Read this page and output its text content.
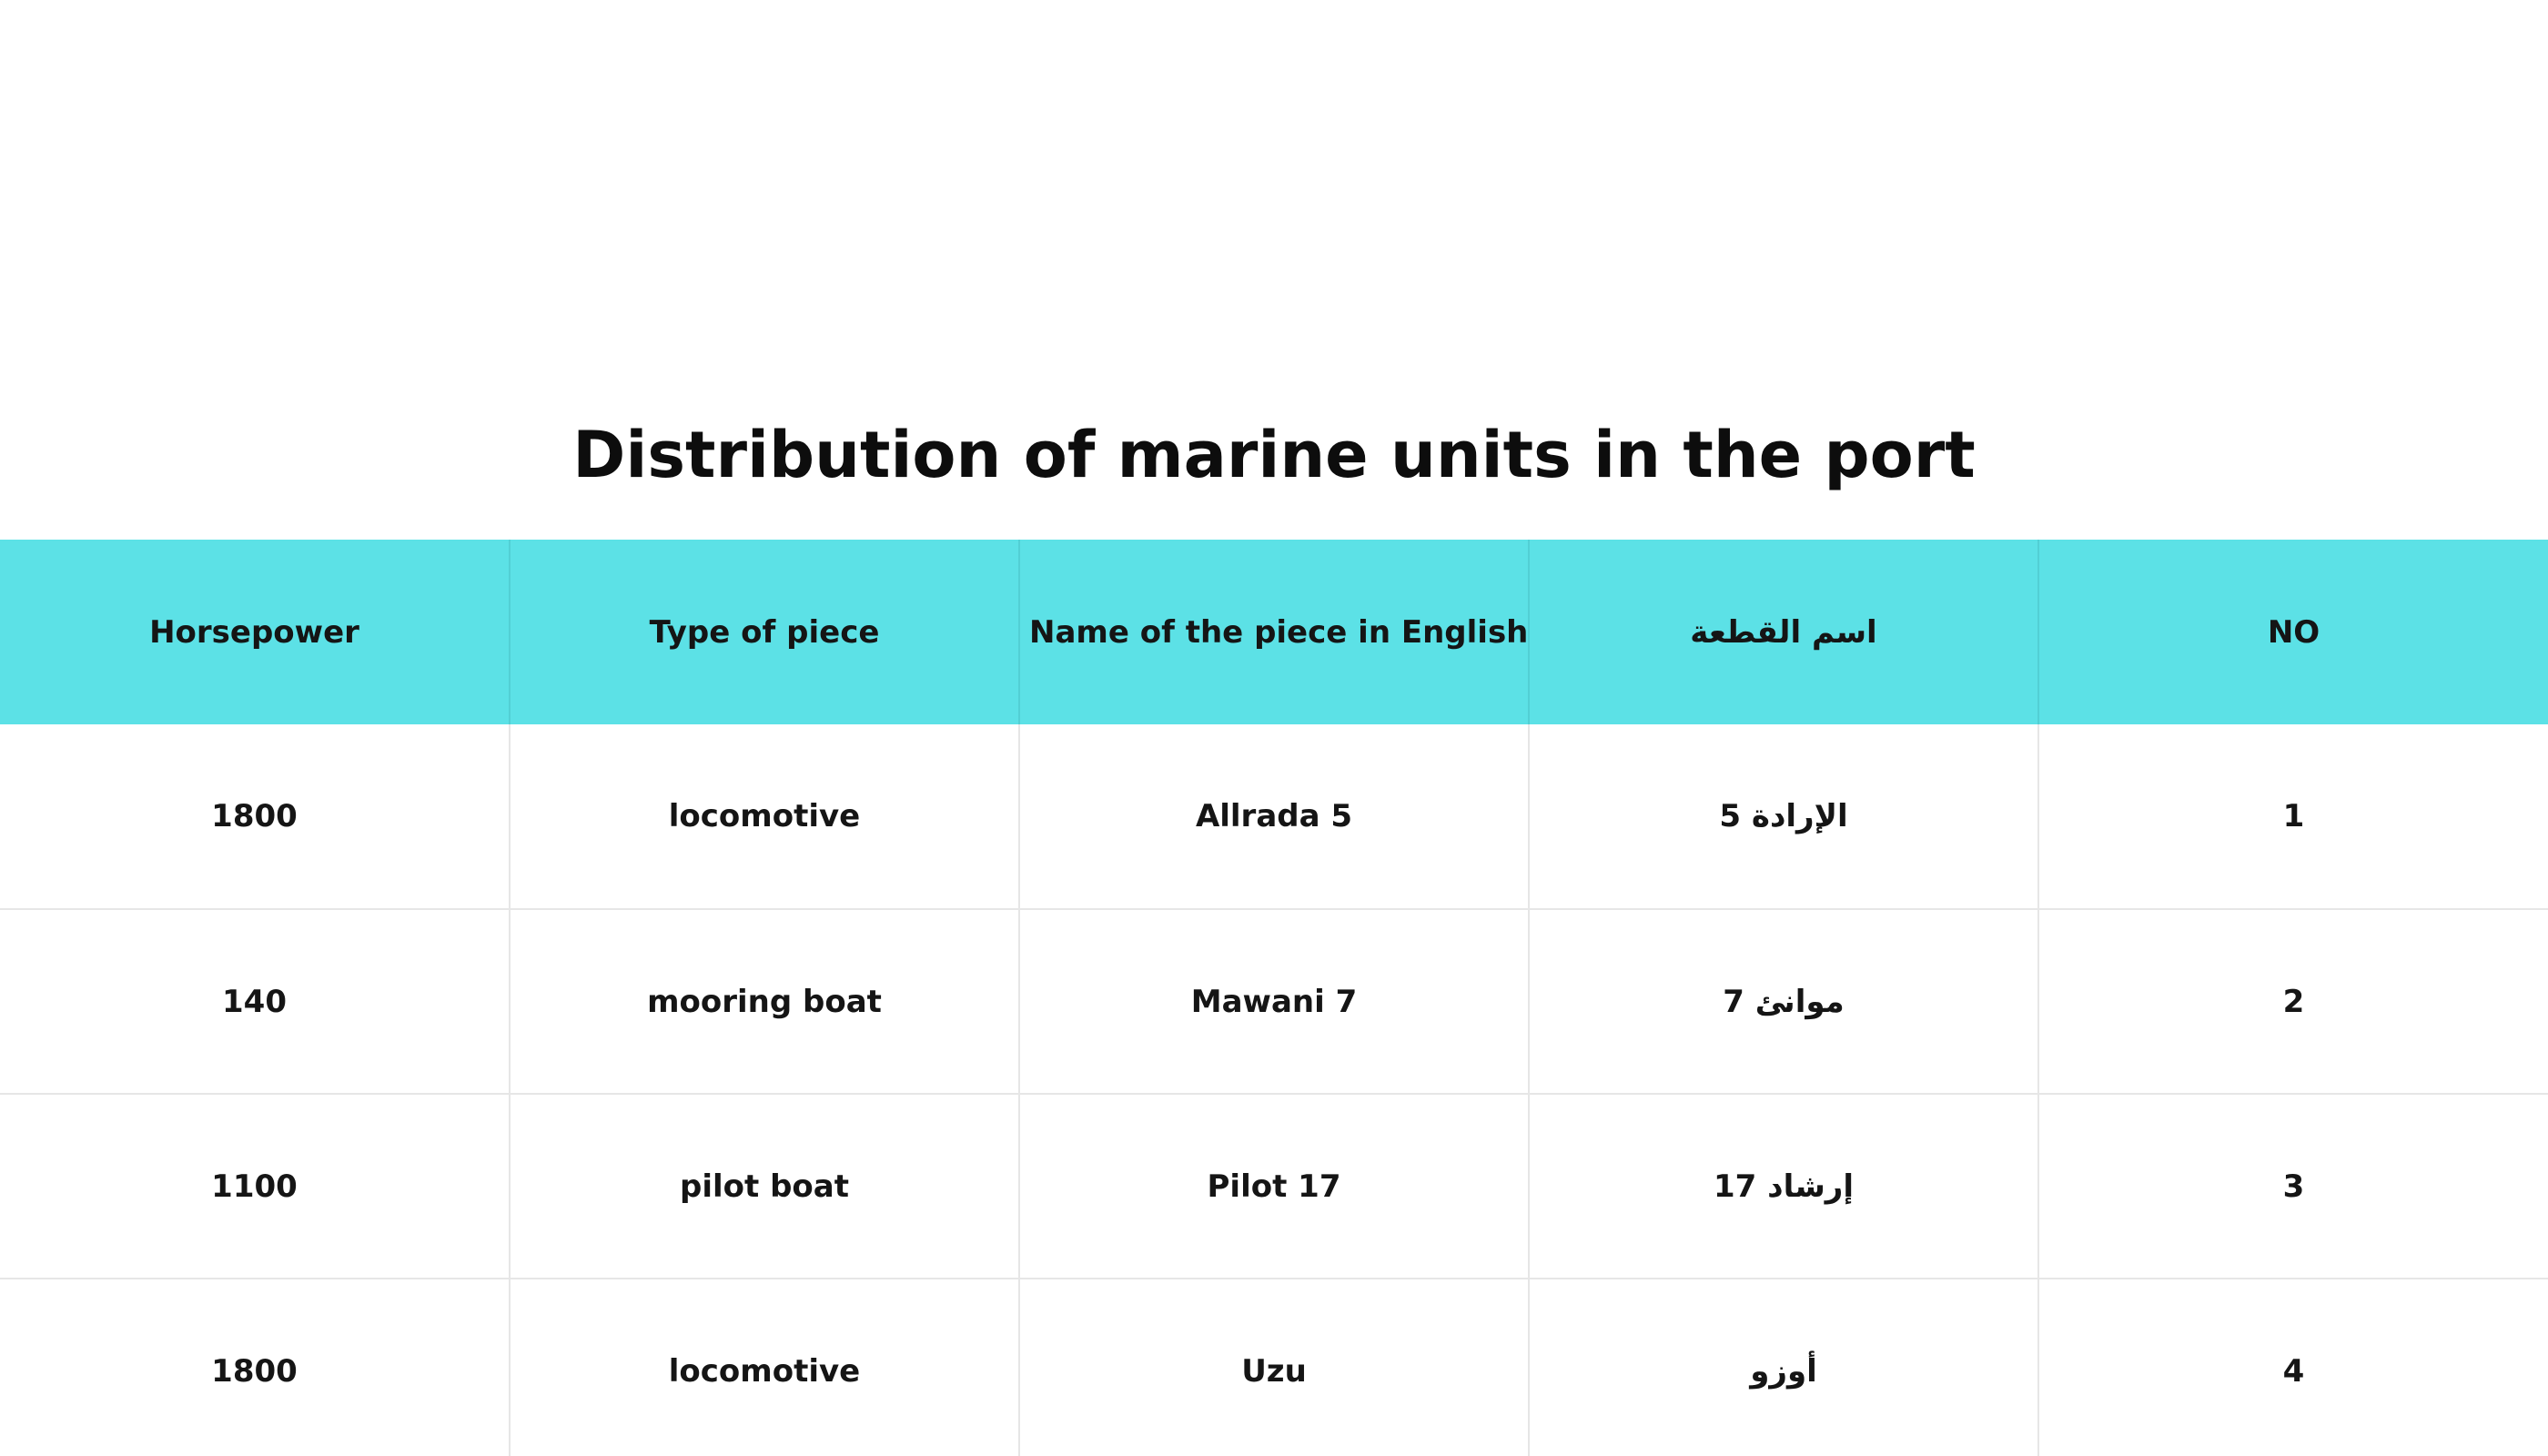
Distribution of marine units in the port
Horsepower	Type of piece	Name of the piece in English	اسم القطعة	NO
1800	locomotive	Allrada 5	الإرادة 5	1
140	mooring boat	Mawani 7	موانئ 7	2
1100	pilot boat	Pilot 17	إرشاد 17	3
1800	locomotive	Uzu	أوزو	4
